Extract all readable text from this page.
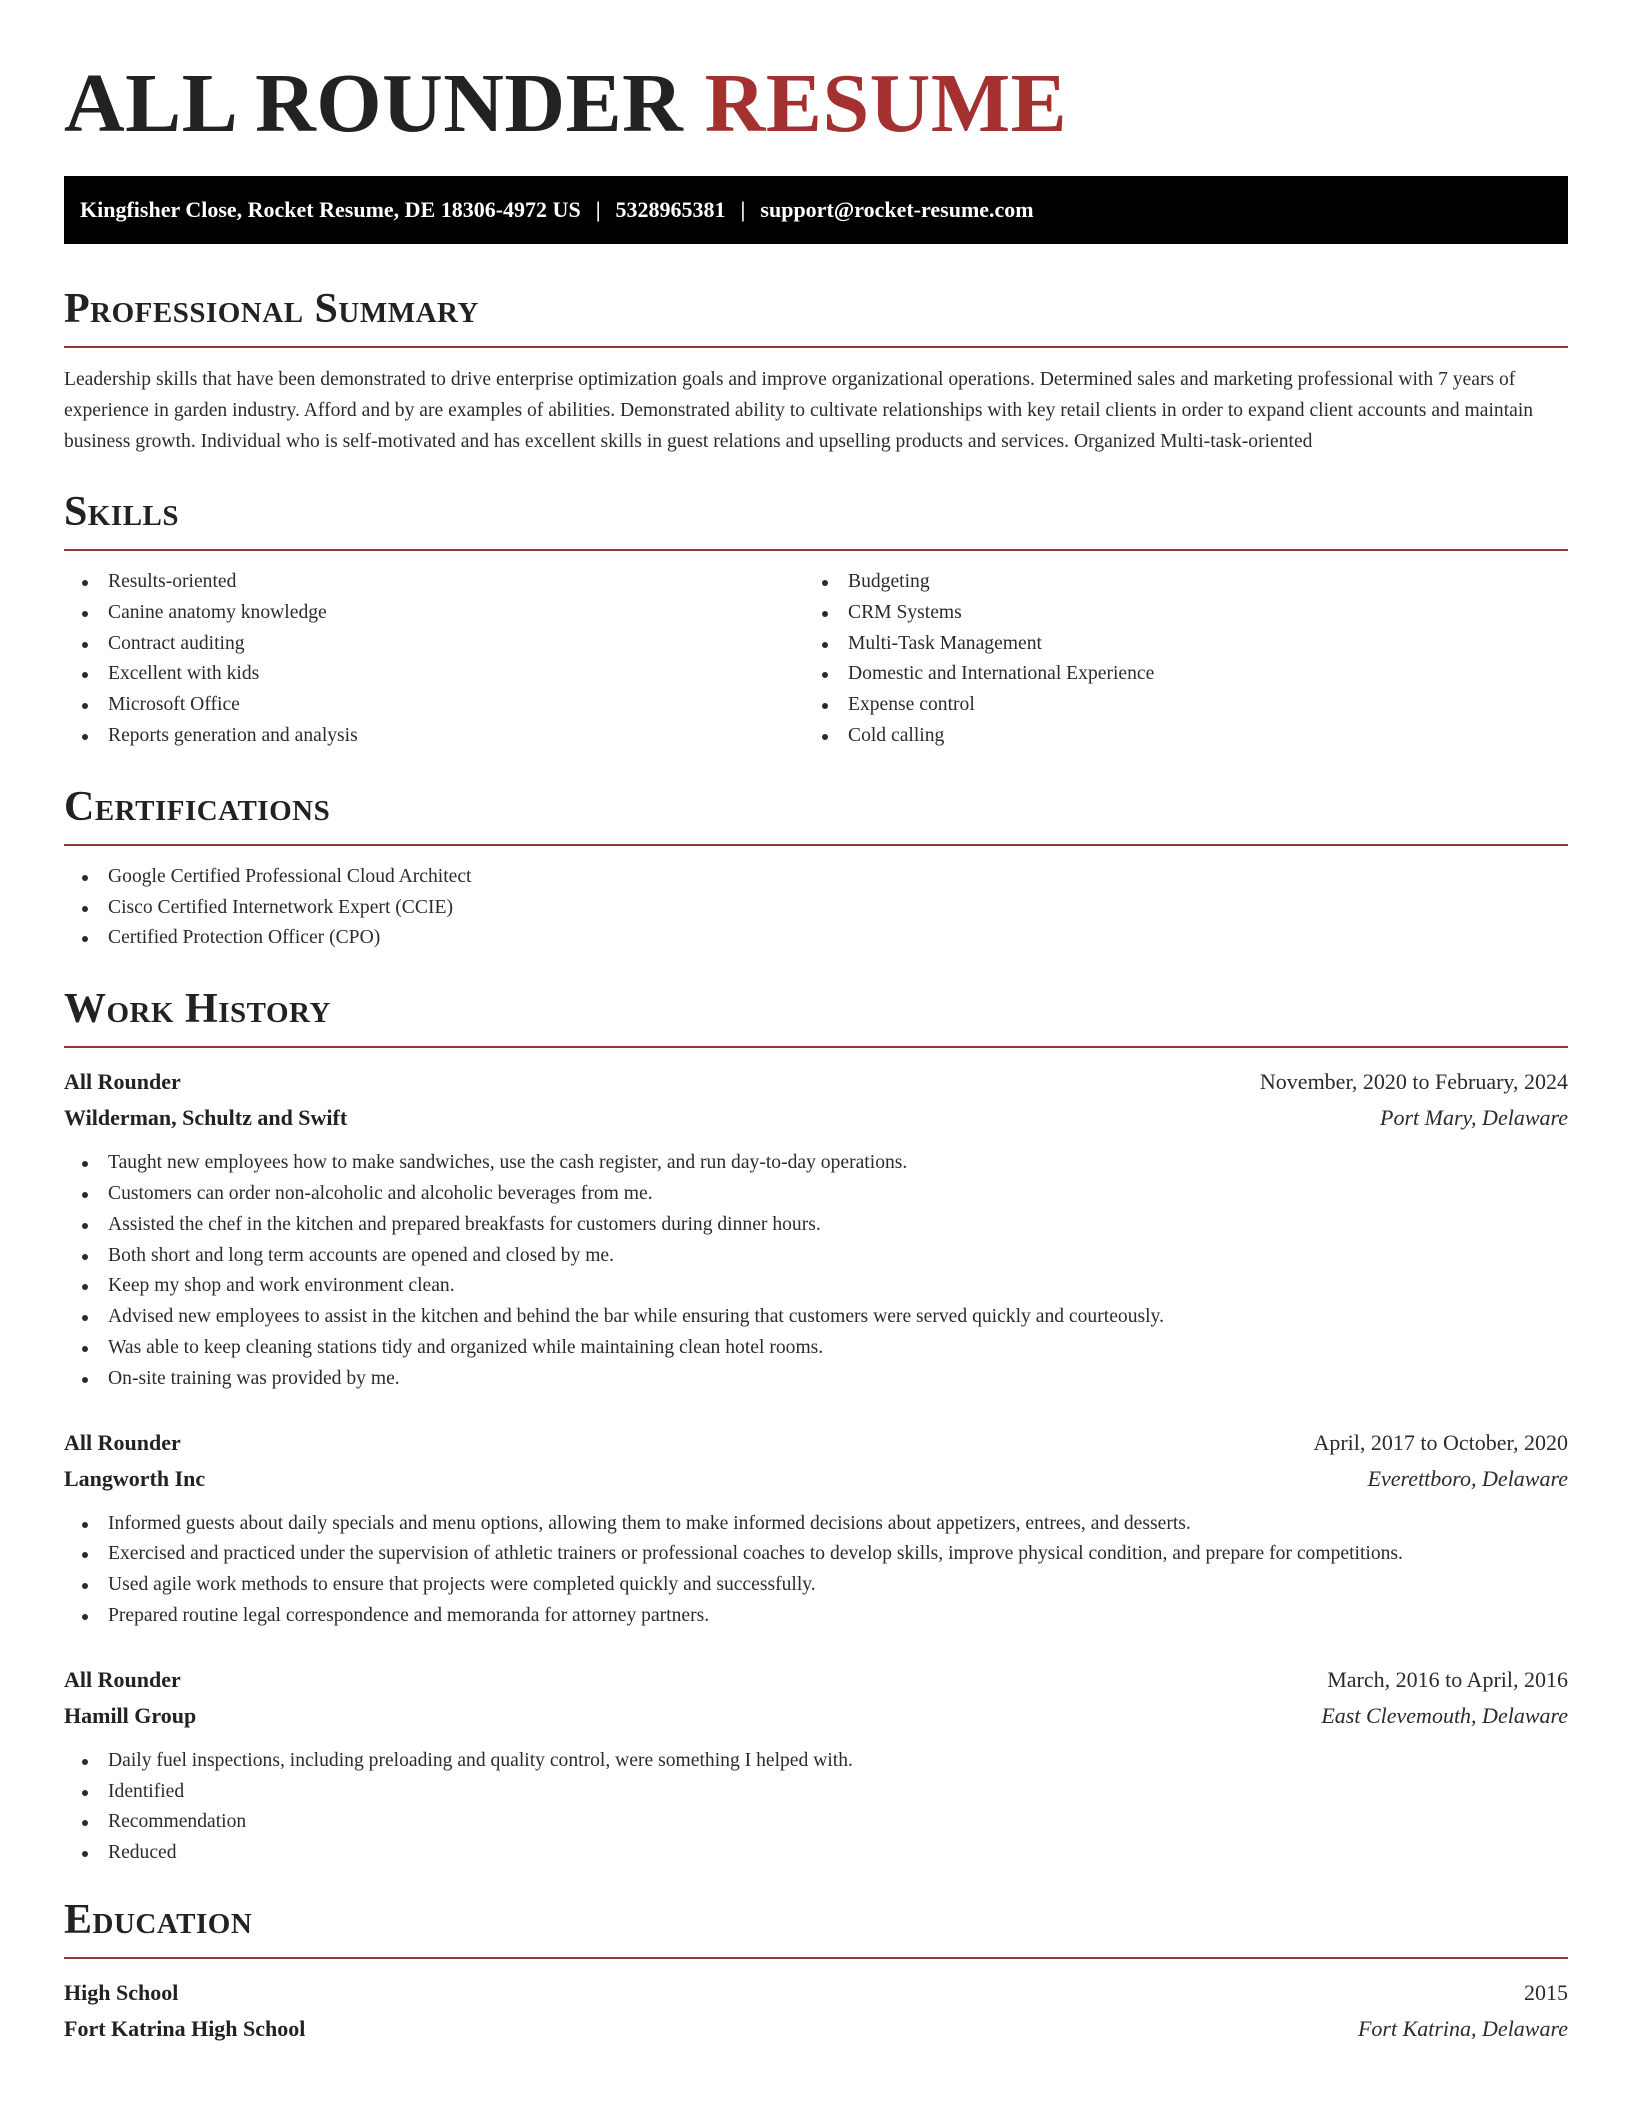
ALL ROUNDER RESUME
Kingfisher Close, Rocket Resume, DE 18306-4972 US | 5328965381 | support@rocket-resume.com
Professional Summary

Leadership skills that have been demonstrated to drive enterprise optimization goals and improve organizational operations. Determined sales and marketing professional with 7 years of experience in garden industry. Afford and by are examples of abilities. Demonstrated ability to cultivate relationships with key retail clients in order to expand client accounts and maintain business growth. Individual who is self-motivated and has excellent skills in guest relations and upselling products and services. Organized Multi-task-oriented

Skills
Results-oriented
Canine anatomy knowledge
Contract auditing
Excellent with kids
Microsoft Office
Reports generation and analysis
Budgeting
CRM Systems
Multi-Task Management
Domestic and International Experience
Expense control
Cold calling
Certifications
Google Certified Professional Cloud Architect
Cisco Certified Internetwork Expert (CCIE)
Certified Protection Officer (CPO)
Work History
All Rounder	November, 2020 to February, 2024
Wilderman, Schultz and Swift	Port Mary, Delaware
Taught new employees how to make sandwiches, use the cash register, and run day-to-day operations.
Customers can order non-alcoholic and alcoholic beverages from me.
Assisted the chef in the kitchen and prepared breakfasts for customers during dinner hours.
Both short and long term accounts are opened and closed by me.
Keep my shop and work environment clean.
Advised new employees to assist in the kitchen and behind the bar while ensuring that customers were served quickly and courteously.
Was able to keep cleaning stations tidy and organized while maintaining clean hotel rooms.
On-site training was provided by me.
All Rounder	April, 2017 to October, 2020
Langworth Inc	Everettboro, Delaware
Informed guests about daily specials and menu options, allowing them to make informed decisions about appetizers, entrees, and desserts.
Exercised and practiced under the supervision of athletic trainers or professional coaches to develop skills, improve physical condition, and prepare for competitions.
Used agile work methods to ensure that projects were completed quickly and successfully.
Prepared routine legal correspondence and memoranda for attorney partners.
All Rounder	March, 2016 to April, 2016
Hamill Group	East Clevemouth, Delaware
Daily fuel inspections, including preloading and quality control, were something I helped with.
Identified
Recommendation
Reduced
Education
High School	2015
Fort Katrina High School	Fort Katrina, Delaware
